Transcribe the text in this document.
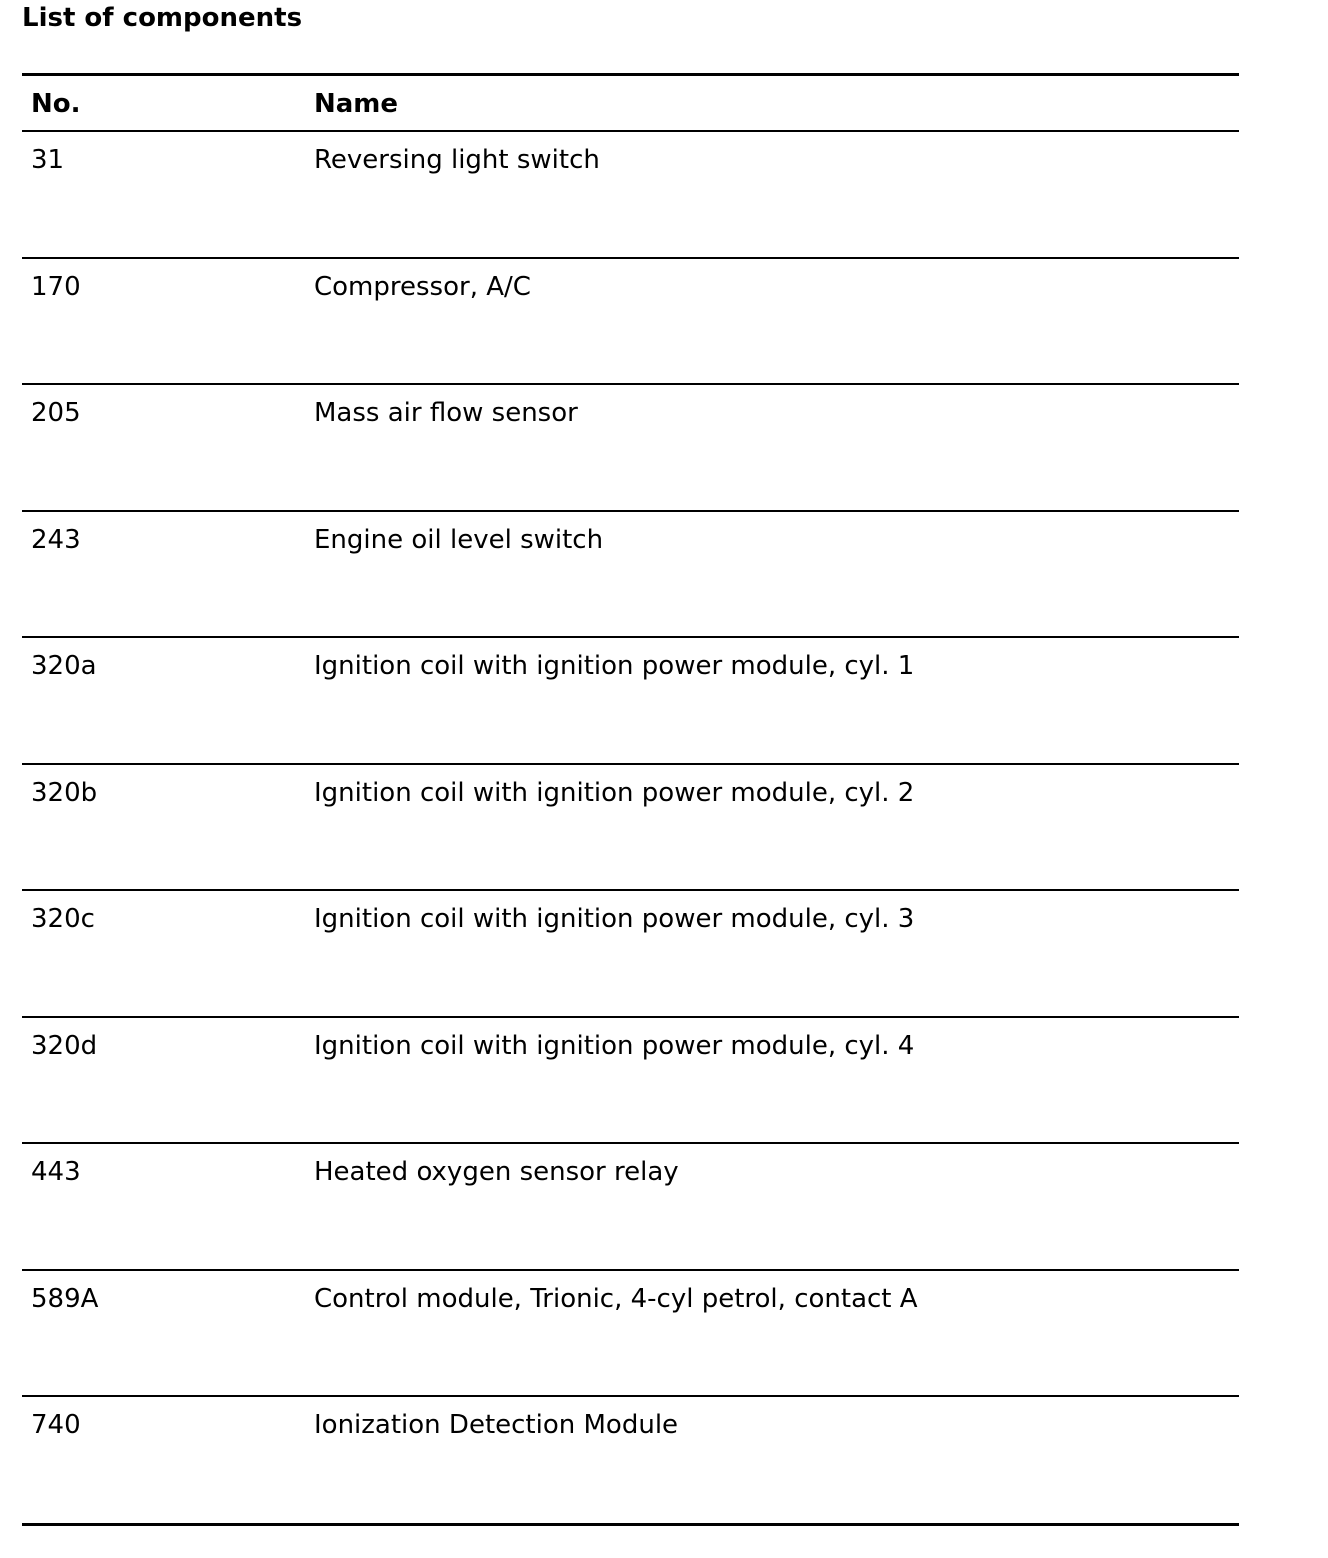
List of components
No.	Name
31	Reversing light switch
170	Compressor, A/C
205	Mass air flow sensor
243	Engine oil level switch
320a	Ignition coil with ignition power module, cyl. 1
320b	Ignition coil with ignition power module, cyl. 2
320c	Ignition coil with ignition power module, cyl. 3
320d	Ignition coil with ignition power module, cyl. 4
443	Heated oxygen sensor relay
589A	Control module, Trionic, 4-cyl petrol, contact A
740	Ionization Detection Module
